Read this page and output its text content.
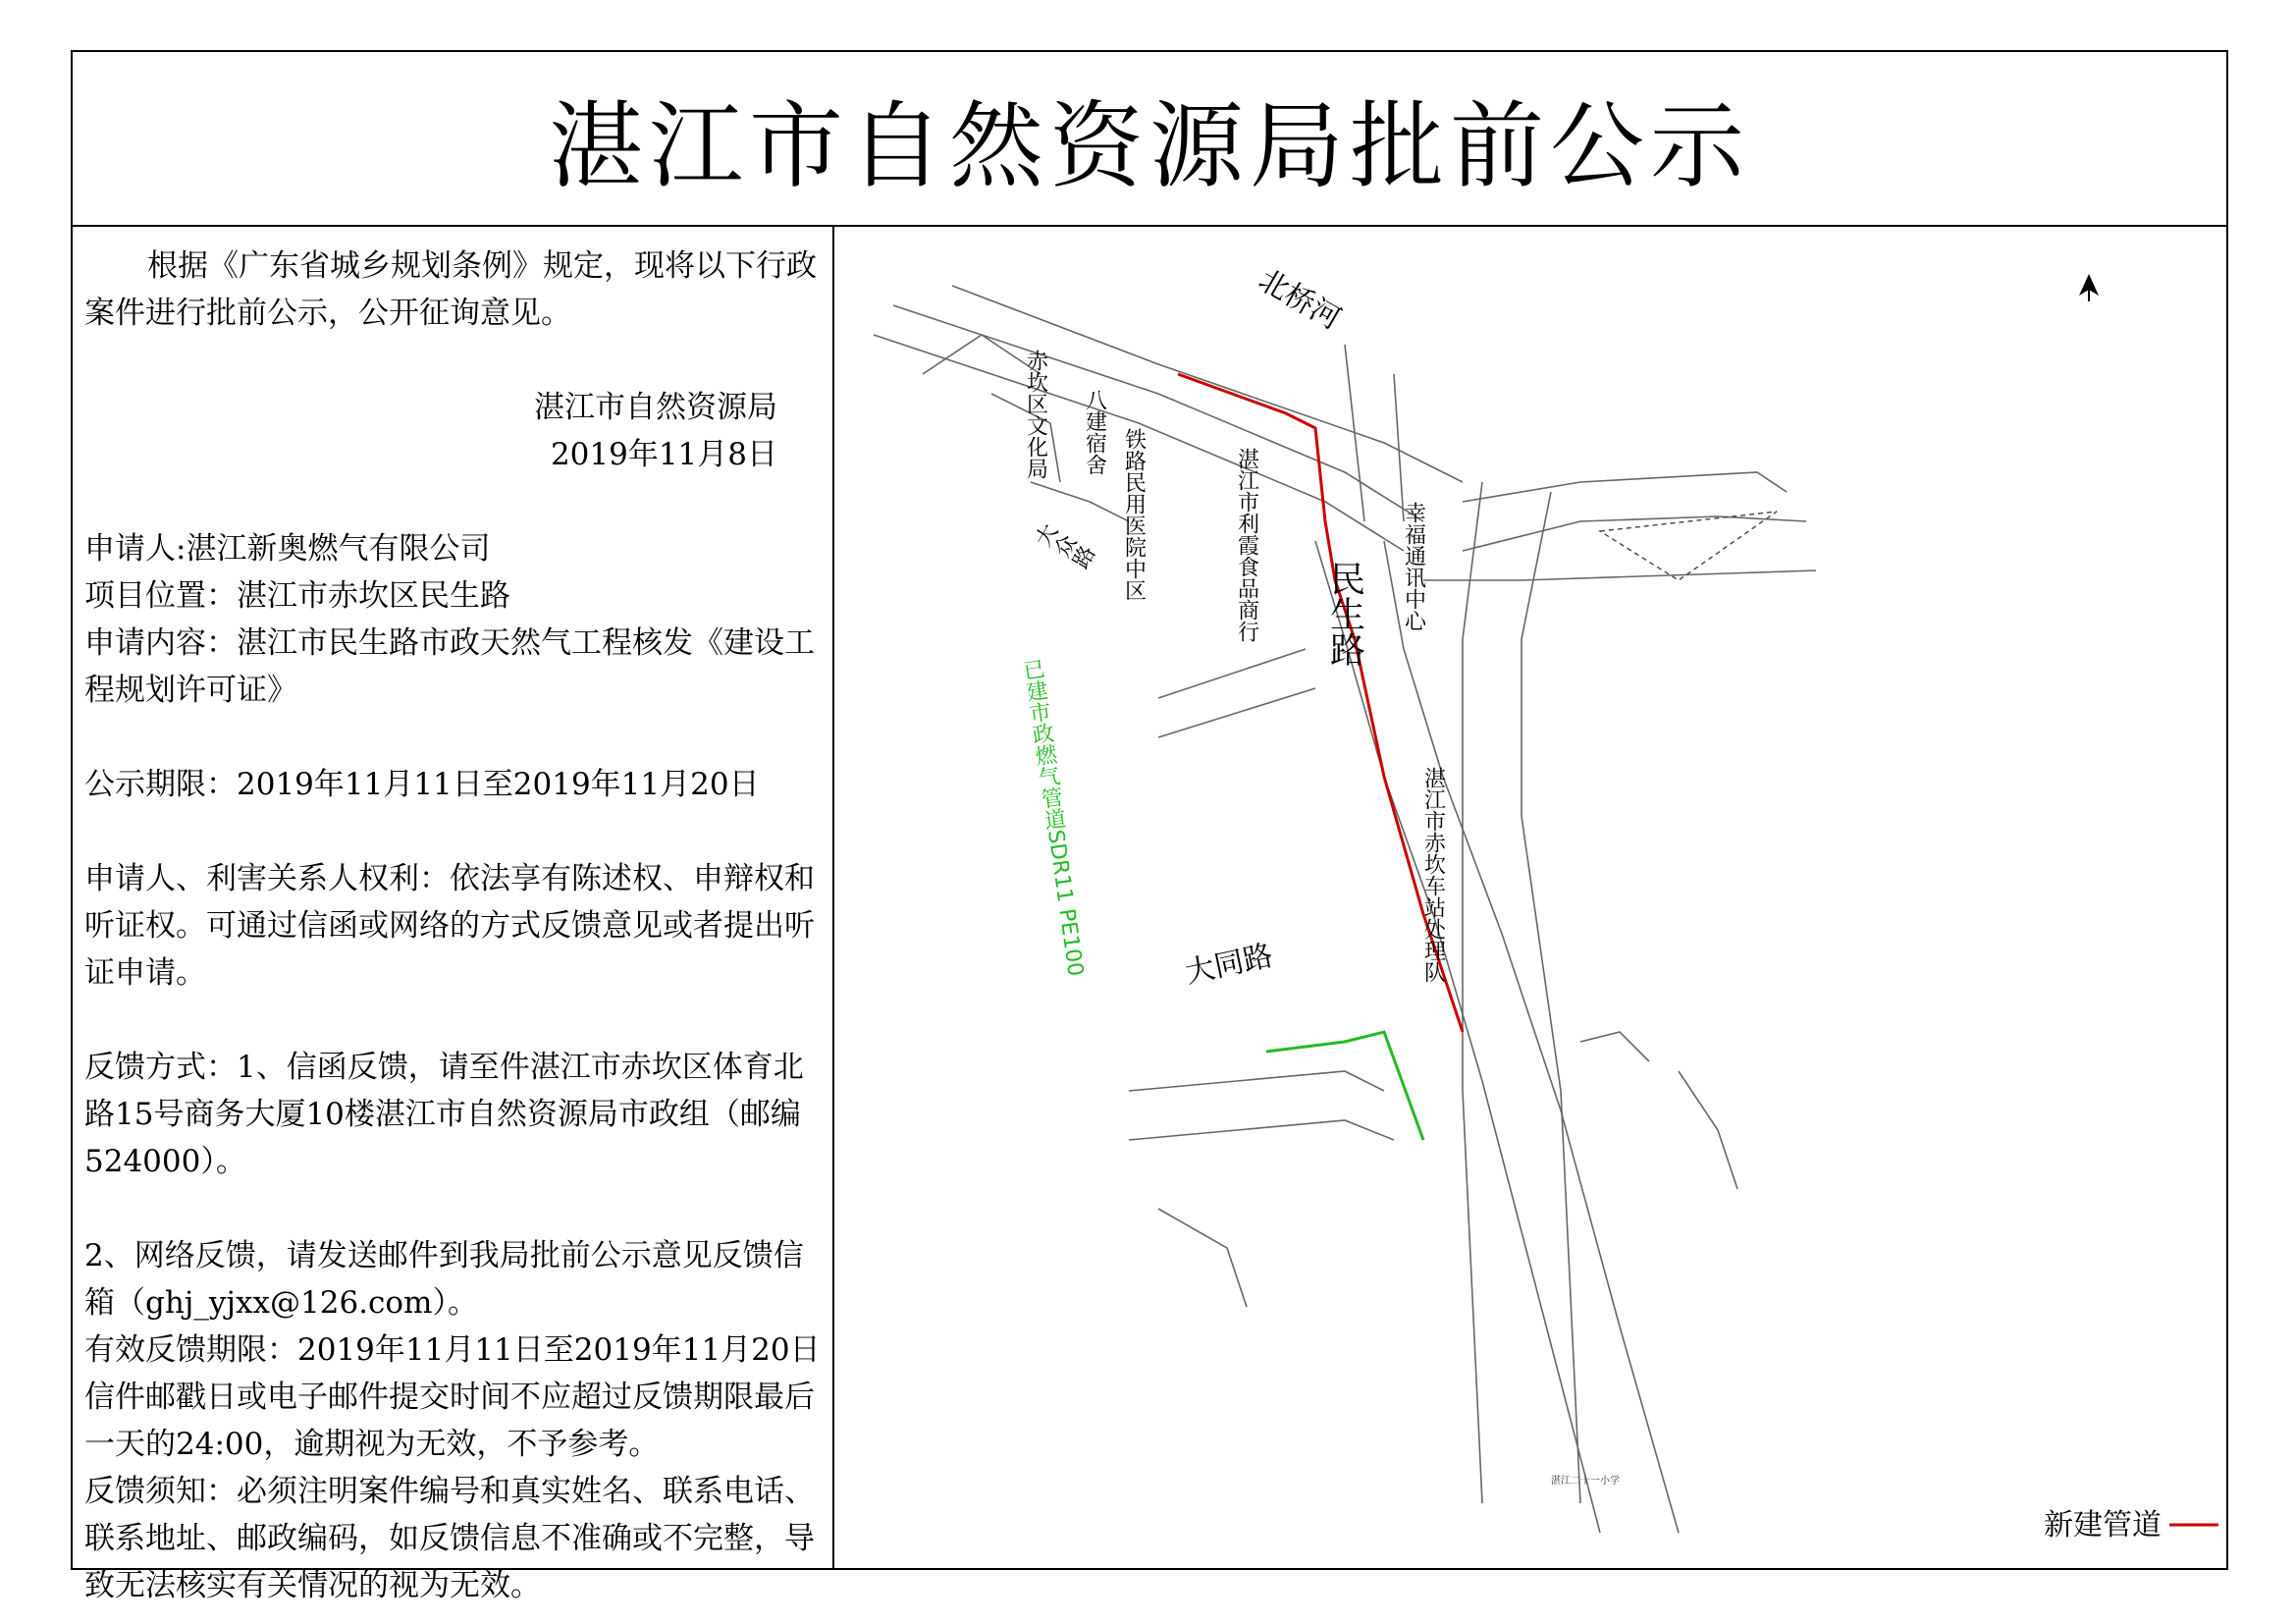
湛江市自然资源局批前公示

根据《广东省城乡规划条例》规定，现将以下行政案件进行批前公示，公开征询意见。

湛江市自然资源局

2019年11月8日

申请人:湛江新奥燃气有限公司

项目位置：湛江市赤坎区民生路

申请内容：湛江市民生路市政天然气工程核发《建设工程规划许可证》

公示期限：2019年11月11日至2019年11月20日

申请人、利害关系人权利：依法享有陈述权、申辩权和听证权。可通过信函或网络的方式反馈意见或者提出听证申请。

反馈方式：1、信函反馈，请至件湛江市赤坎区体育北路15号商务大厦10楼湛江市自然资源局市政组（邮编524000）。

2、网络反馈，请发送邮件到我局批前公示意见反馈信箱（ghj_yjxx@126.com）。

有效反馈期限：2019年11月11日至2019年11月20日

信件邮戳日或电子邮件提交时间不应超过反馈期限最后一天的24:00，逾期视为无效，不予参考。

反馈须知：必须注明案件编号和真实姓名、联系电话、联系地址、邮政编码，如反馈信息不准确或不完整，导致无法核实有关情况的视为无效。

北桥河
赤坎区文化局 八建宿舍 铁路民用医院中区	湛江市利霞食品商行
大众路
民生路 幸福通讯中心
湛江市赤坎车站处理队
大同路
已建市政燃气管道SDR11 PE100
湛江二十一小学
新建管道
